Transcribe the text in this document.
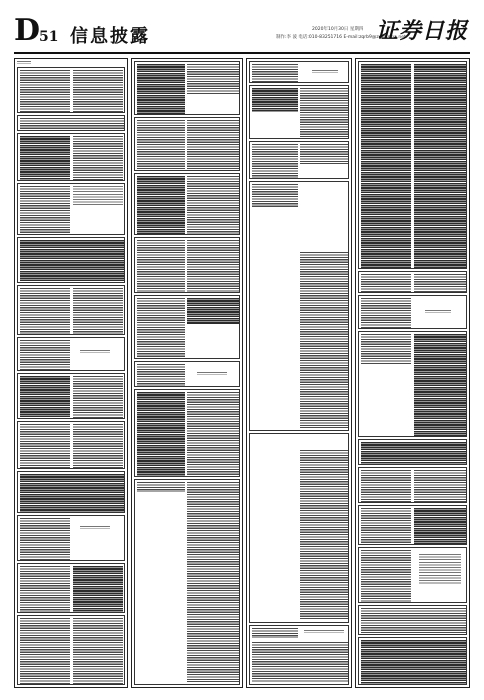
D
51 信息披露	2020年10月30日 星期四
制作:李 波 电话:010-83251716 E-mail:zqrb9@zqrb.sina.net
证券日报
